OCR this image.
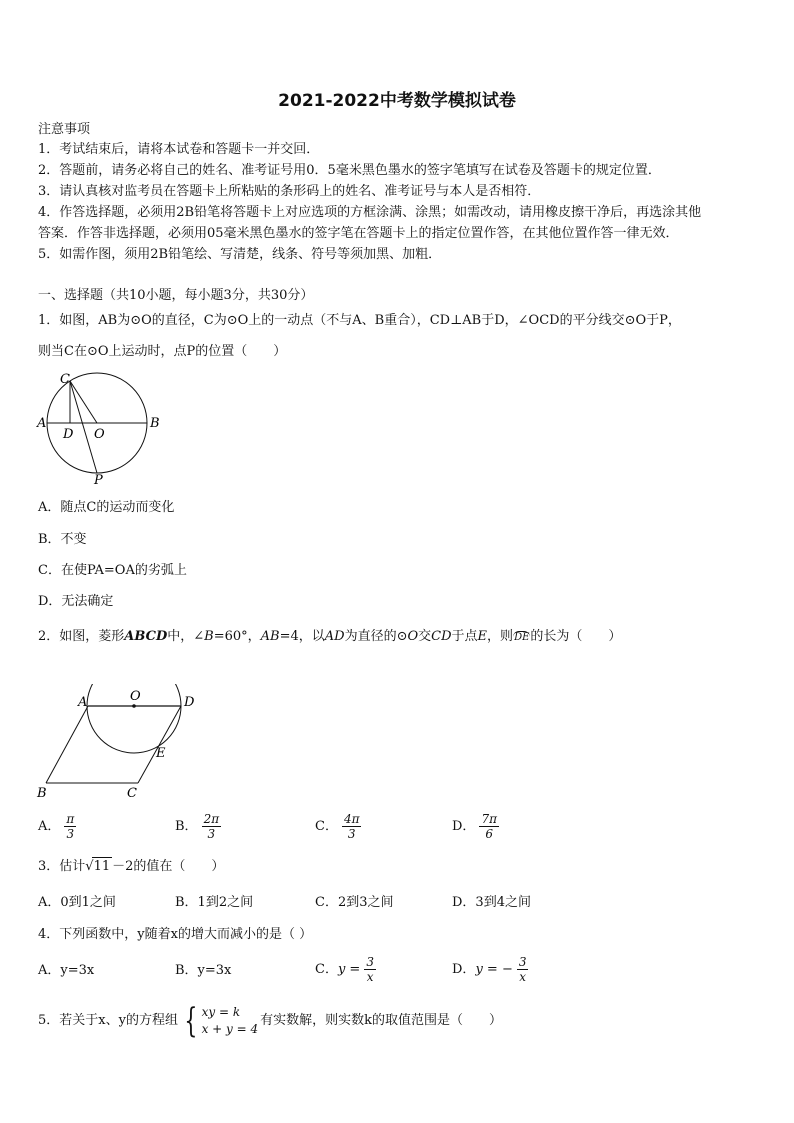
2021-2022中考数学模拟试卷
注意事项
1．考试结束后，请将本试卷和答题卡一并交回．
2．答题前，请务必将自己的姓名、准考证号用0．5毫米黑色墨水的签字笔填写在试卷及答题卡的规定位置．
3．请认真核对监考员在答题卡上所粘贴的条形码上的姓名、准考证号与本人是否相符．
4．作答选择题，必须用2B铅笔将答题卡上对应选项的方框涂满、涂黑；如需改动，请用橡皮擦干净后，再选涂其他
答案．作答非选择题，必须用05毫米黑色墨水的签字笔在答题卡上的指定位置作答，在其他位置作答一律无效．
5．如需作图，须用2B铅笔绘、写清楚，线条、符号等须加黑、加粗．
一、选择题（共10小题，每小题3分，共30分）
1．如图，AB为⊙O的直径，C为⊙O上的一动点（不与A、B重合），CD⊥AB于D，∠OCD的平分线交⊙O于P，
则当C在⊙O上运动时，点P的位置（　　）
C
A
D O
B
P
A．随点C的运动而变化
B．不变
C．在使PA=OA的劣弧上
D．无法确定
2．如图，菱形ABCD中，∠B=60°，AB=4，以AD为直径的⊙O交CD于点E，则DE的长为（　　）
O
A	D
E
B	C
A． $\frac{\pi}{3}$	B． $\frac{2\pi}{3}$	C． $\frac{4\pi}{3}$	D． $\frac{7\pi}{6}$
3．估计√11 －2的值在（　　）
A．0到1之间	B．1到2之间	C．2到3之间	D．3到4之间
4．下列函数中，y随着x的增大而减小的是（ ）
A．y=3x	B．y=3x	C．$y = \frac{3}{x}$	D．y = − $\frac{3}{x}$
5．若关于x、y的方程组 { xy = k
x + y = 4
有实数解，则实数k的取值范围是（　　）
